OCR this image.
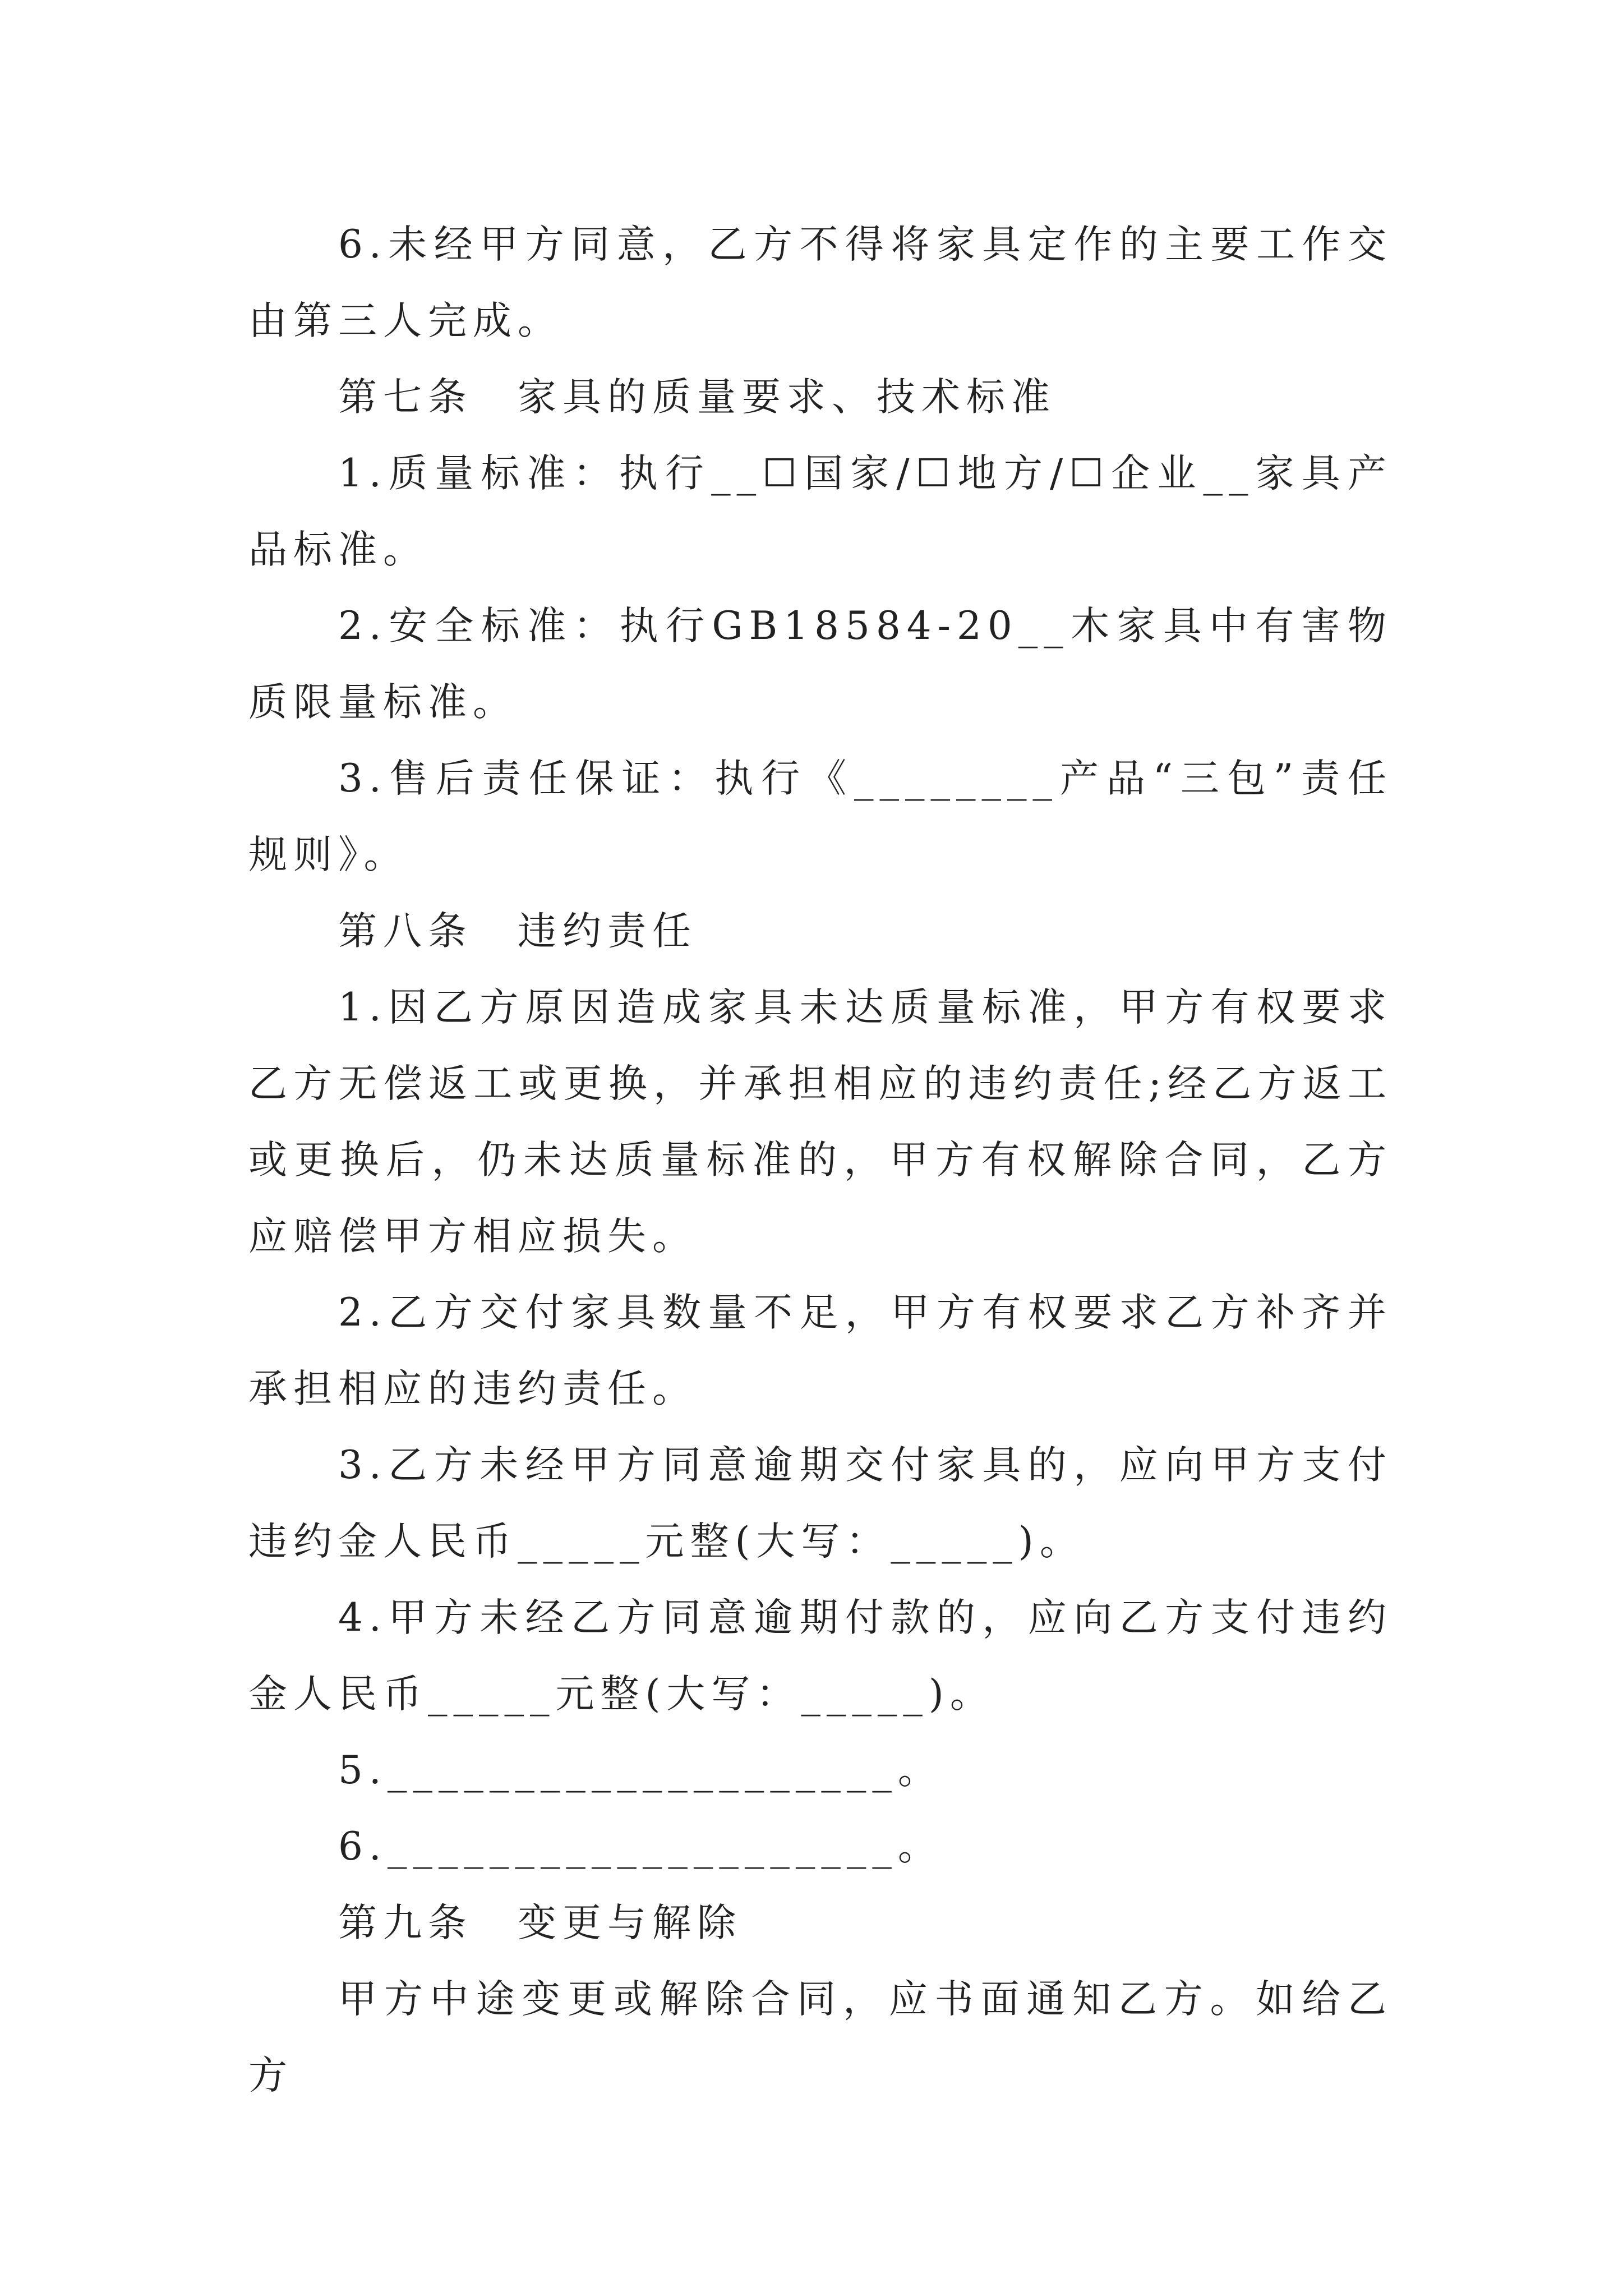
6.未经甲方同意，乙方不得将家具定作的主要工作交由第三人完成。

第七条　家具的质量要求、技术标准

1.质量标准：执行__☐国家/☐地方/☐企业__家具产品标准。

2.安全标准：执行GB18584-20__木家具中有害物质限量标准。

3.售后责任保证：执行《________产品“三包”责任规则》。

第八条　违约责任

1.因乙方原因造成家具未达质量标准，甲方有权要求乙方无偿返工或更换，并承担相应的违约责任;经乙方返工或更换后，仍未达质量标准的，甲方有权解除合同，乙方应赔偿甲方相应损失。

2.乙方交付家具数量不足，甲方有权要求乙方补齐并承担相应的违约责任。

3.乙方未经甲方同意逾期交付家具的，应向甲方支付违约金人民币_____元整(大写：_____)。

4.甲方未经乙方同意逾期付款的，应向乙方支付违约金人民币_____元整(大写：_____)。

5.____________________。

6.____________________。

第九条　变更与解除

甲方中途变更或解除合同，应书面通知乙方。如给乙方
